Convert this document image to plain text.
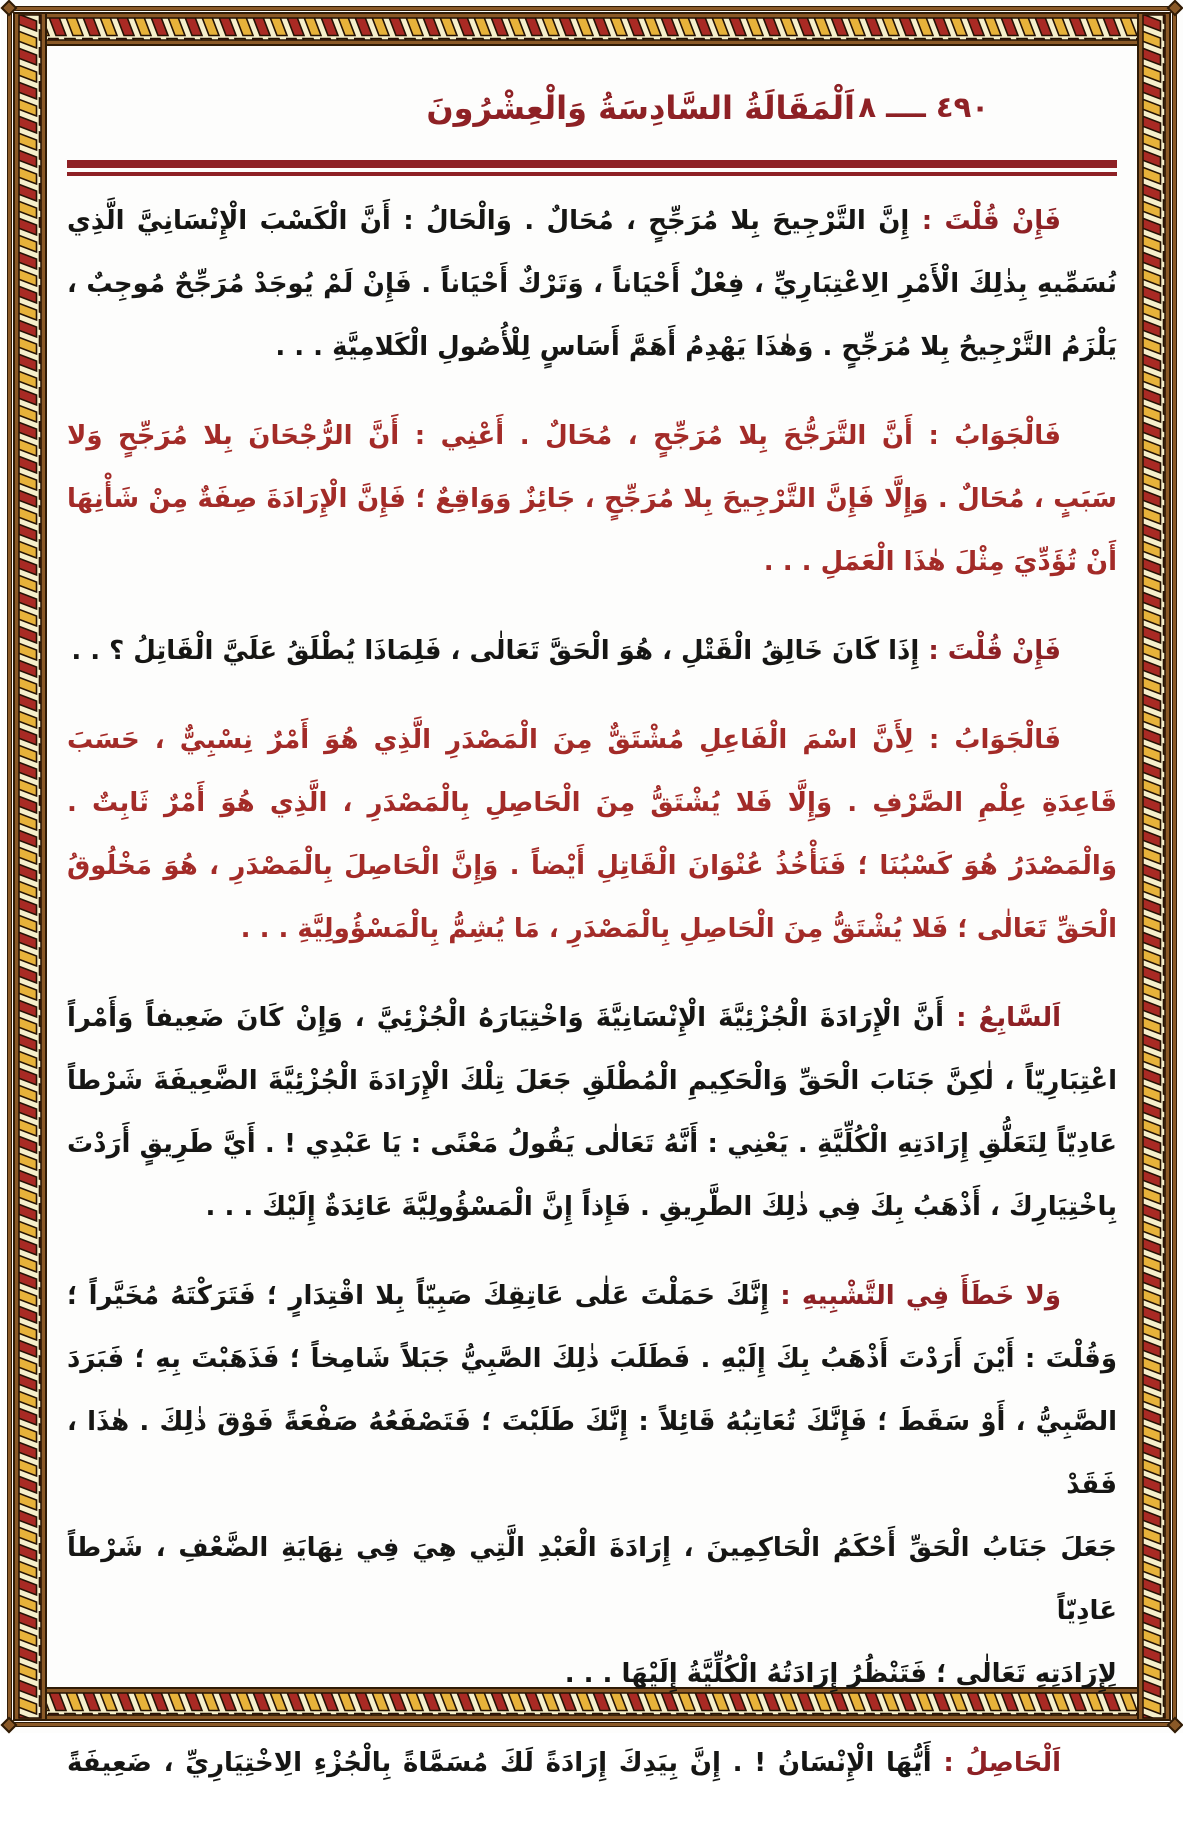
اَلْمَقَالَةُ السَّادِسَةُ وَالْعِشْرُونَ ٤٩٠ ــــ ٨
فَإِنْ قُلْتَ : إِنَّ التَّرْجِيحَ بِلا مُرَجِّحٍ ، مُحَالٌ . وَالْحَالُ : أَنَّ الْكَسْبَ الْإِنْسَانِيَّ الَّذِي
نُسَمِّيهِ بِذٰلِكَ الْأَمْرِ الِاعْتِبَارِيِّ ، فِعْلٌ أَحْيَاناً ، وَتَرْكٌ أَحْيَاناً . فَإِنْ لَمْ يُوجَدْ مُرَجِّحٌ مُوجِبٌ ،
يَلْزَمُ التَّرْجِيحُ بِلا مُرَجِّحٍ . وَهٰذَا يَهْدِمُ أَهَمَّ أَسَاسٍ لِلْأُصُولِ الْكَلامِيَّةِ . . .
فَالْجَوَابُ : أَنَّ التَّرَجُّحَ بِلا مُرَجِّحٍ ، مُحَالٌ . أَعْنِي : أَنَّ الرُّجْحَانَ بِلا مُرَجِّحٍ وَلا
سَبَبٍ ، مُحَالٌ . وَإِلَّا فَإِنَّ التَّرْجِيحَ بِلا مُرَجِّحٍ ، جَائِزٌ وَوَاقِعٌ ؛ فَإِنَّ الْإِرَادَةَ صِفَةٌ مِنْ شَأْنِهَا
أَنْ تُؤَدِّيَ مِثْلَ هٰذَا الْعَمَلِ . . .
فَإِنْ قُلْتَ : إِذَا كَانَ خَالِقُ الْقَتْلِ ، هُوَ الْحَقَّ تَعَالٰى ، فَلِمَاذَا يُطْلَقُ عَلَيَّ الْقَاتِلُ ؟ . .
فَالْجَوَابُ : لِأَنَّ اسْمَ الْفَاعِلِ مُشْتَقٌّ مِنَ الْمَصْدَرِ الَّذِي هُوَ أَمْرٌ نِسْبِيٌّ ، حَسَبَ
قَاعِدَةِ عِلْمِ الصَّرْفِ . وَإِلَّا فَلا يُشْتَقُّ مِنَ الْحَاصِلِ بِالْمَصْدَرِ ، الَّذِي هُوَ أَمْرٌ ثَابِتٌ .
وَالْمَصْدَرُ هُوَ كَسْبُنَا ؛ فَنَأْخُذُ عُنْوَانَ الْقَاتِلِ أَيْضاً . وَإِنَّ الْحَاصِلَ بِالْمَصْدَرِ ، هُوَ مَخْلُوقُ
الْحَقِّ تَعَالٰى ؛ فَلا يُشْتَقُّ مِنَ الْحَاصِلِ بِالْمَصْدَرِ ، مَا يُشِمُّ بِالْمَسْؤُولِيَّةِ . . .
اَلسَّابِعُ : أَنَّ الْإِرَادَةَ الْجُزْئِيَّةَ الْإِنْسَانِيَّةَ وَاخْتِيَارَهُ الْجُزْئِيَّ ، وَإِنْ كَانَ ضَعِيفاً وَأَمْراً
اعْتِبَارِيّاً ، لٰكِنَّ جَنَابَ الْحَقِّ وَالْحَكِيمِ الْمُطْلَقِ جَعَلَ تِلْكَ الْإِرَادَةَ الْجُزْئِيَّةَ الضَّعِيفَةَ شَرْطاً
عَادِيّاً لِتَعَلُّقِ إِرَادَتِهِ الْكُلِّيَّةِ . يَعْنِي : أَنَّهُ تَعَالٰى يَقُولُ مَعْنًى : يَا عَبْدِي ! . أَيَّ طَرِيقٍ أَرَدْتَ
بِاخْتِيَارِكَ ، أَذْهَبُ بِكَ فِي ذٰلِكَ الطَّرِيقِ . فَإِذاً إِنَّ الْمَسْؤُولِيَّةَ عَائِدَةٌ إِلَيْكَ . . .
وَلا خَطَأَ فِي التَّشْبِيهِ : إِنَّكَ حَمَلْتَ عَلٰى عَاتِقِكَ صَبِيّاً بِلا اقْتِدَارٍ ؛ فَتَرَكْتَهُ مُخَيَّراً ؛
وَقُلْتَ : أَيْنَ أَرَدْتَ أَذْهَبُ بِكَ إِلَيْهِ . فَطَلَبَ ذٰلِكَ الصَّبِيُّ جَبَلاً شَامِخاً ؛ فَذَهَبْتَ بِهِ ؛ فَبَرَدَ
الصَّبِيُّ ، أَوْ سَقَطَ ؛ فَإِنَّكَ تُعَاتِبُهُ قَائِلاً : إِنَّكَ طَلَبْتَ ؛ فَتَصْفَعُهُ صَفْعَةً فَوْقَ ذٰلِكَ . هٰذَا ، فَقَدْ
جَعَلَ جَنَابُ الْحَقِّ أَحْكَمُ الْحَاكِمِينَ ، إِرَادَةَ الْعَبْدِ الَّتِي هِيَ فِي نِهَايَةِ الضَّعْفِ ، شَرْطاً عَادِيّاً
لِإِرَادَتِهِ تَعَالٰى ؛ فَتَنْظُرُ إِرَادَتُهُ الْكُلِّيَّةُ إِلَيْهَا . . .
اَلْحَاصِلُ : أَيُّهَا الْإِنْسَانُ ! . إِنَّ بِيَدِكَ إِرَادَةً لَكَ مُسَمَّاةً بِالْجُزْءِ الِاخْتِيَارِيِّ ، ضَعِيفَةً
